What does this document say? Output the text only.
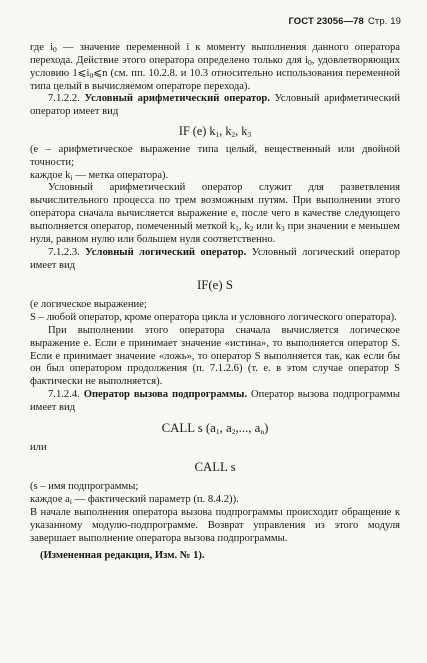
ГОСТ 23056—78 Стр. 19

где $i_0$ — значение переменной i к моменту выполнения данного оператора перехода. Действие этого оператора определено только для $i_0$, удовлетворяющих условию $1⩽i_0⩽n$ (см. пп. 10.2.8. и 10.3 относительно использования переменной типа целый в вычисляемом операторе перехода).

7.1.2.2. Условный арифметический оператор. Условный арифметический оператор имеет вид

IF (e) $k_1$, $k_2$, $k_3$

(e – арифметическое выражение типа целый, вещественный или двойной точности;

каждое $k_i$ — метка оператора).

Условный арифметический оператор служит для разветвления вычислительного процесса по трем возможным путям. При выполнении этого оператора сначала вычисляется выражение e, после чего в качестве следующего выполняется оператор, помеченный меткой $k_1$, $k_2$ или $k_3$ при значении e меньшем нуля, равном нулю или большем нуля соответственно.

7.1.2.3. Условный логический оператор. Условный логический оператор имеет вид

IF(e) S

(e логическое выражение;

S – любой оператор, кроме оператора цикла и условного логического оператора).

При выполнении этого оператора сначала вычисляется логическое выражение e. Если e принимает значение «истина», то выполняется оператор S. Если e принимает значение «ложь», то оператор S выполняется так, как если бы он был оператором продолжения (п. 7.1.2.6) (т. е. в этом случае оператор S фактически не выполняется).

7.1.2.4. Оператор вызова подпрограммы. Оператор вызова подпрограммы имеет вид

CALL s ($a_1$, $a_2$,..., $a_n$)

или

CALL s

(s – имя подпрограммы;

каждое $a_i$ — фактический параметр (п. 8.4.2)).

В начале выполнения оператора вызова подпрограммы происходит обращение к указанному модулю-подпрограмме. Возврат управления из этого модуля завершает выполнение оператора вызова подпрограммы.

(Измененная редакция, Изм. № 1).
